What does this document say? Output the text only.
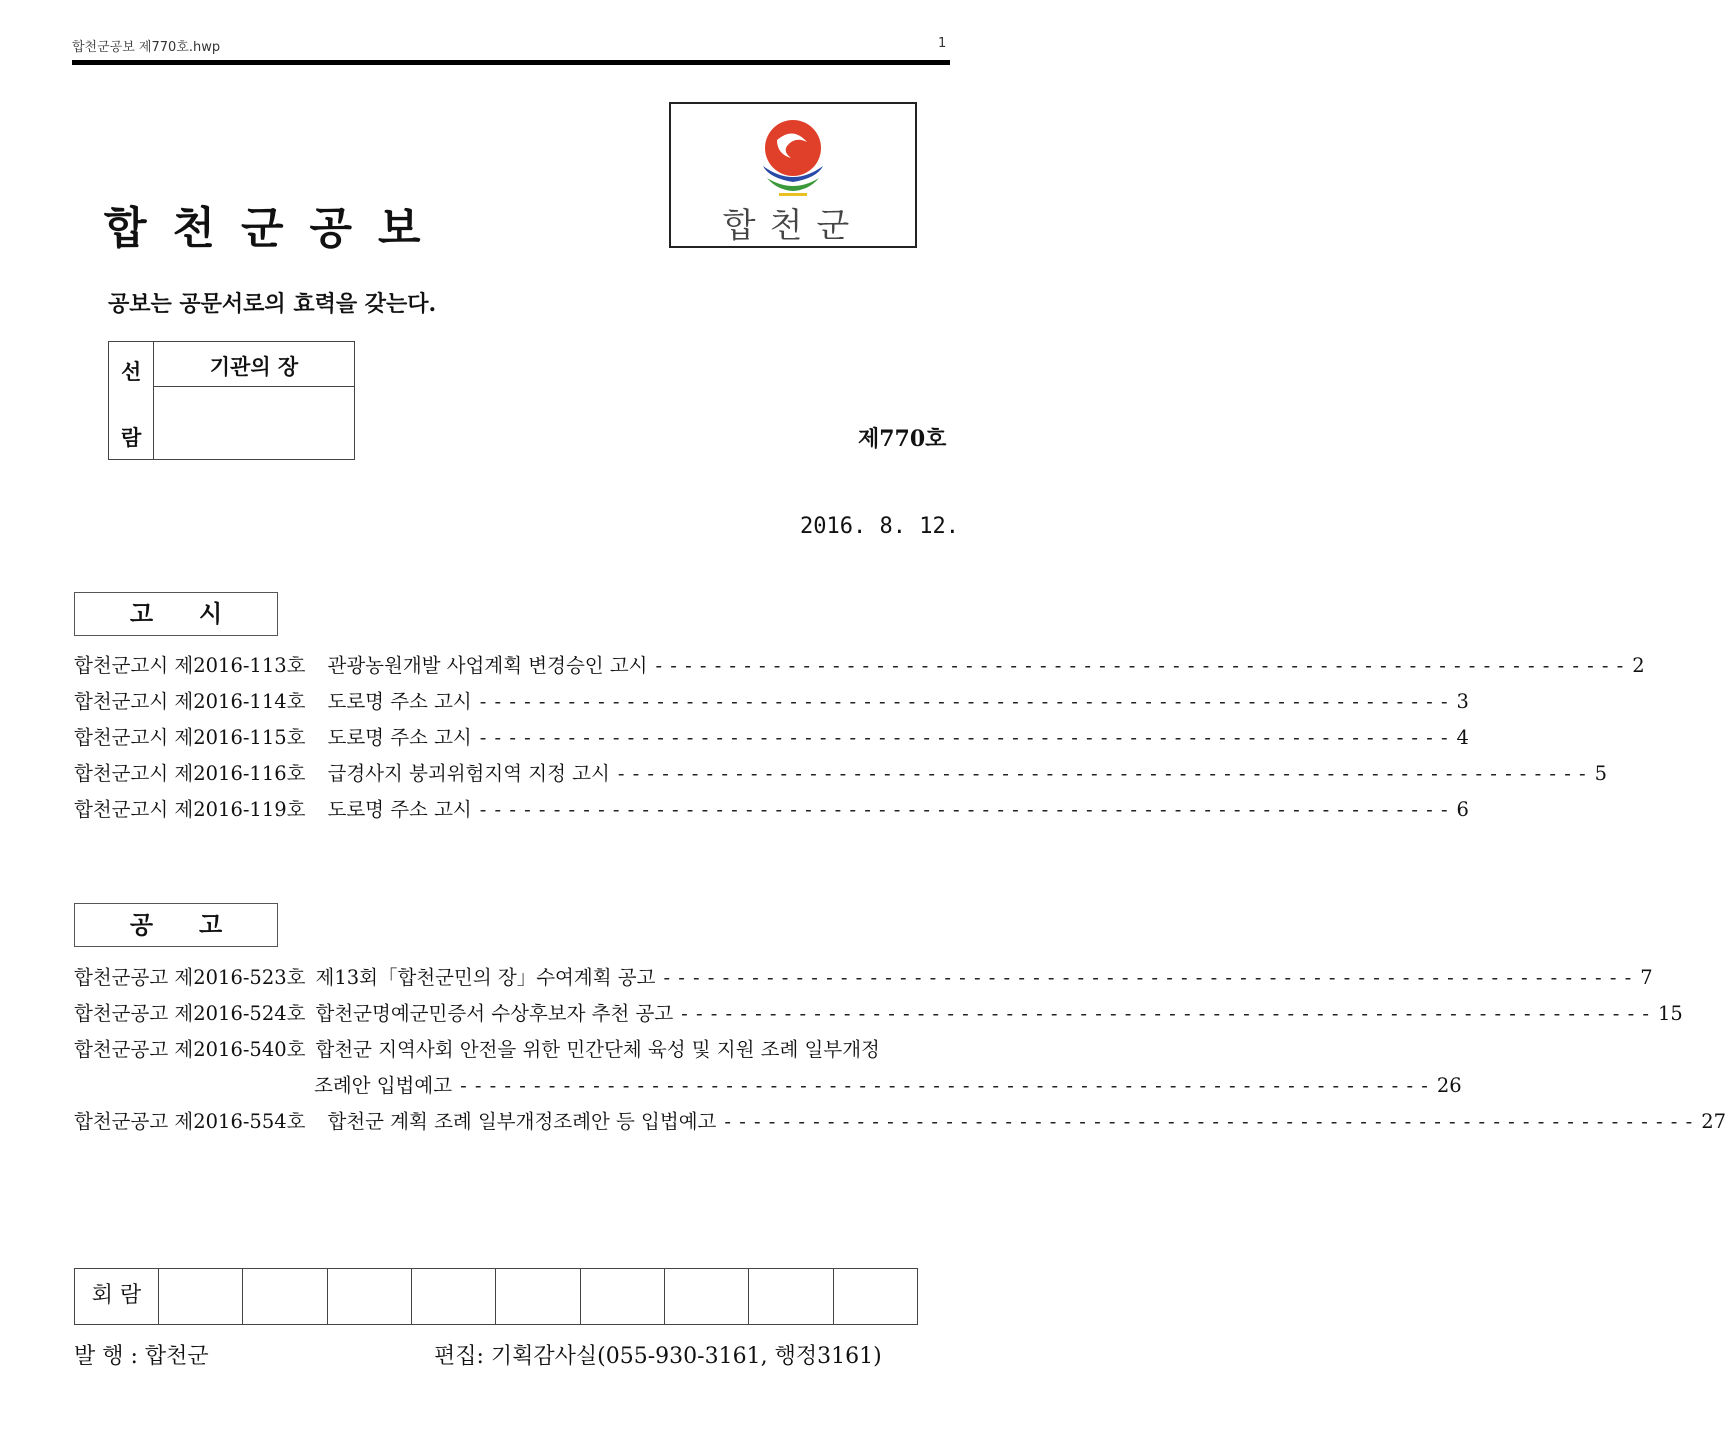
합천군공보 제770호.hwp	1
합천군
합천군공보
공보는 공문서로의 효력을 갖는다.
선
람
기관의 장
제770호
2016. 8. 12.
고시
합천군고시 제2016-113호 관광농원개발 사업계획 변경승인 고시 - - - - - - - - - - - - - - - - - - - - - - - - - - - - - - - - - - - - - - - - - - - - - - - - - - - - - - - - - - - - - - - - - - 2
합천군고시 제2016-114호 도로명 주소 고시 - - - - - - - - - - - - - - - - - - - - - - - - - - - - - - - - - - - - - - - - - - - - - - - - - - - - - - - - - - - - - - - - - - 3
합천군고시 제2016-115호 도로명 주소 고시 - - - - - - - - - - - - - - - - - - - - - - - - - - - - - - - - - - - - - - - - - - - - - - - - - - - - - - - - - - - - - - - - - - 4
합천군고시 제2016-116호 급경사지 붕괴위험지역 지정 고시 - - - - - - - - - - - - - - - - - - - - - - - - - - - - - - - - - - - - - - - - - - - - - - - - - - - - - - - - - - - - - - - - - - 5
합천군고시 제2016-119호 도로명 주소 고시 - - - - - - - - - - - - - - - - - - - - - - - - - - - - - - - - - - - - - - - - - - - - - - - - - - - - - - - - - - - - - - - - - - 6
공고
합천군공고 제2016-523호 제13회「합천군민의 장」수여계획 공고 - - - - - - - - - - - - - - - - - - - - - - - - - - - - - - - - - - - - - - - - - - - - - - - - - - - - - - - - - - - - - - - - - - 7
합천군공고 제2016-524호 합천군명예군민증서 수상후보자 추천 공고 - - - - - - - - - - - - - - - - - - - - - - - - - - - - - - - - - - - - - - - - - - - - - - - - - - - - - - - - - - - - - - - - - - 15
합천군공고 제2016-540호 합천군 지역사회 안전을 위한 민간단체 육성 및 지원 조례 일부개정
조례안 입법예고 - - - - - - - - - - - - - - - - - - - - - - - - - - - - - - - - - - - - - - - - - - - - - - - - - - - - - - - - - - - - - - - - - - 26
합천군공고 제2016-554호 합천군 계획 조례 일부개정조례안 등 입법예고 - - - - - - - - - - - - - - - - - - - - - - - - - - - - - - - - - - - - - - - - - - - - - - - - - - - - - - - - - - - - - - - - - - 27
회 람
발 행 : 합천군	편집: 기획감사실(055-930-3161, 행정3161)
